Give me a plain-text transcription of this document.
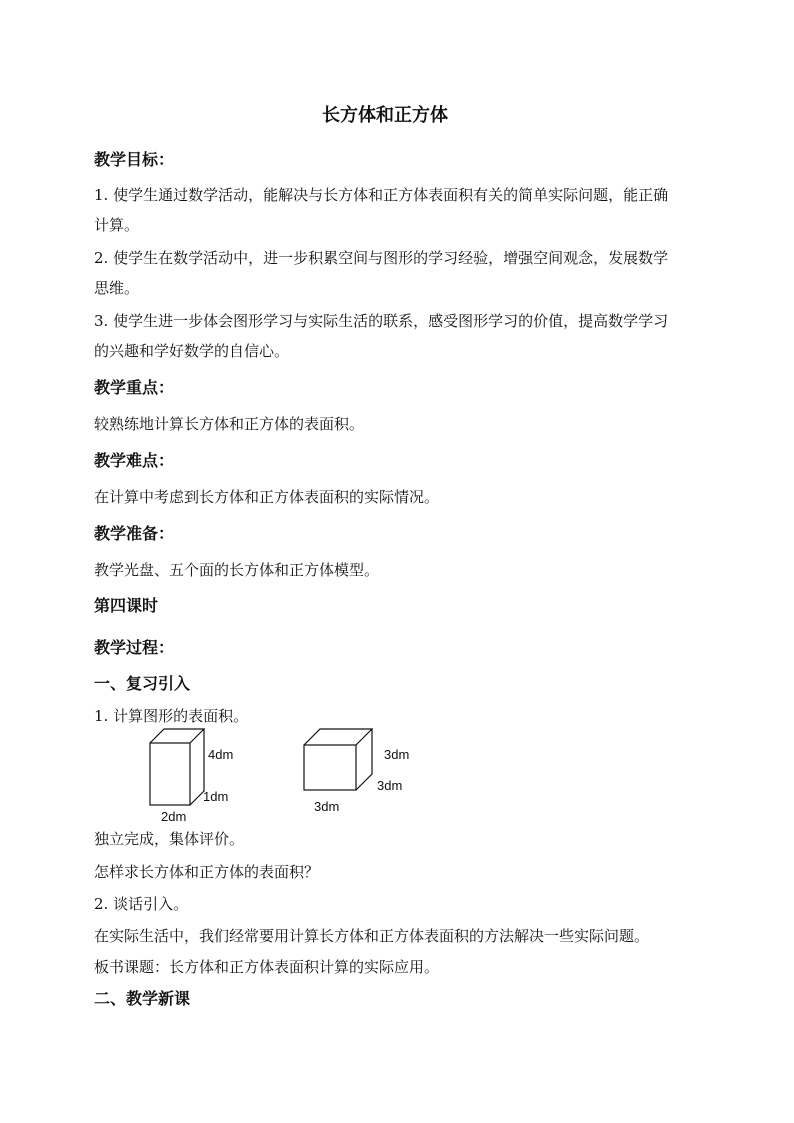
长方体和正方体
教学目标：
1. 使学生通过数学活动，能解决与长方体和正方体表面积有关的简单实际问题，能正确
计算。
2. 使学生在数学活动中，进一步积累空间与图形的学习经验，增强空间观念，发展数学
思维。
3. 使学生进一步体会图形学习与实际生活的联系，感受图形学习的价值，提高数学学习
的兴趣和学好数学的自信心。
教学重点：
较熟练地计算长方体和正方体的表面积。
教学难点：
在计算中考虑到长方体和正方体表面积的实际情况。
教学准备：
教学光盘、五个面的长方体和正方体模型。
第四课时
教学过程：
一、复习引入
1. 计算图形的表面积。
4dm
1dm
2dm
3dm
3dm
3dm
独立完成，集体评价。
怎样求长方体和正方体的表面积？
2. 谈话引入。
在实际生活中，我们经常要用计算长方体和正方体表面积的方法解决一些实际问题。
板书课题：长方体和正方体表面积计算的实际应用。
二、教学新课
